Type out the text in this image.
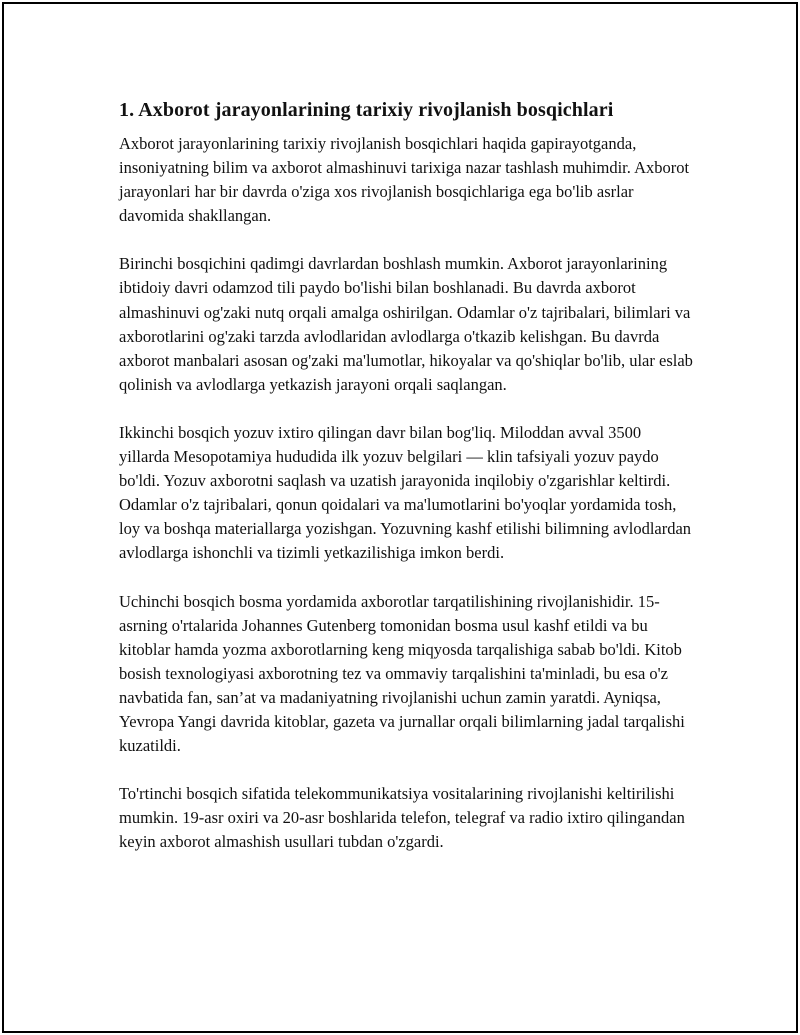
1. Axborot jarayonlarining tarixiy rivojlanish bosqichlari

Axborot jarayonlarining tarixiy rivojlanish bosqichlari haqida gapirayotganda, insoniyatning bilim va axborot almashinuvi tarixiga nazar tashlash muhimdir. Axborot jarayonlari har bir davrda o'ziga xos rivojlanish bosqichlariga ega bo'lib asrlar davomida shakllangan.

Birinchi bosqichini qadimgi davrlardan boshlash mumkin. Axborot jarayonlarining ibtidoiy davri odamzod tili paydo bo'lishi bilan boshlanadi. Bu davrda axborot almashinuvi og'zaki nutq orqali amalga oshirilgan. Odamlar o'z tajribalari, bilimlari va axborotlarini og'zaki tarzda avlodlaridan avlodlarga o'tkazib kelishgan. Bu davrda axborot manbalari asosan og'zaki ma'lumotlar, hikoyalar va qo'shiqlar bo'lib, ular eslab qolinish va avlodlarga yetkazish jarayoni orqali saqlangan.

Ikkinchi bosqich yozuv ixtiro qilingan davr bilan bog'liq. Miloddan avval 3500 yillarda Mesopotamiya hududida ilk yozuv belgilari — klin tafsiyali yozuv paydo bo'ldi. Yozuv axborotni saqlash va uzatish jarayonida inqilobiy o'zgarishlar keltirdi. Odamlar o'z tajribalari, qonun qoidalari va ma'lumotlarini bo'yoqlar yordamida tosh, loy va boshqa materiallarga yozishgan. Yozuvning kashf etilishi bilimning avlodlardan avlodlarga ishonchli va tizimli yetkazilishiga imkon berdi.

Uchinchi bosqich bosma yordamida axborotlar tarqatilishining rivojlanishidir. 15-asrning o'rtalarida Johannes Gutenberg tomonidan bosma usul kashf etildi va bu kitoblar hamda yozma axborotlarning keng miqyosda tarqalishiga sabab bo'ldi. Kitob bosish texnologiyasi axborotning tez va ommaviy tarqalishini ta'minladi, bu esa o'z navbatida fan, san’at va madaniyatning rivojlanishi uchun zamin yaratdi. Ayniqsa, Yevropa Yangi davrida kitoblar, gazeta va jurnallar orqali bilimlarning jadal tarqalishi kuzatildi.

To'rtinchi bosqich sifatida telekommunikatsiya vositalarining rivojlanishi keltirilishi mumkin. 19-asr oxiri va 20-asr boshlarida telefon, telegraf va radio ixtiro qilingandan keyin axborot almashish usullari tubdan o'zgardi.
